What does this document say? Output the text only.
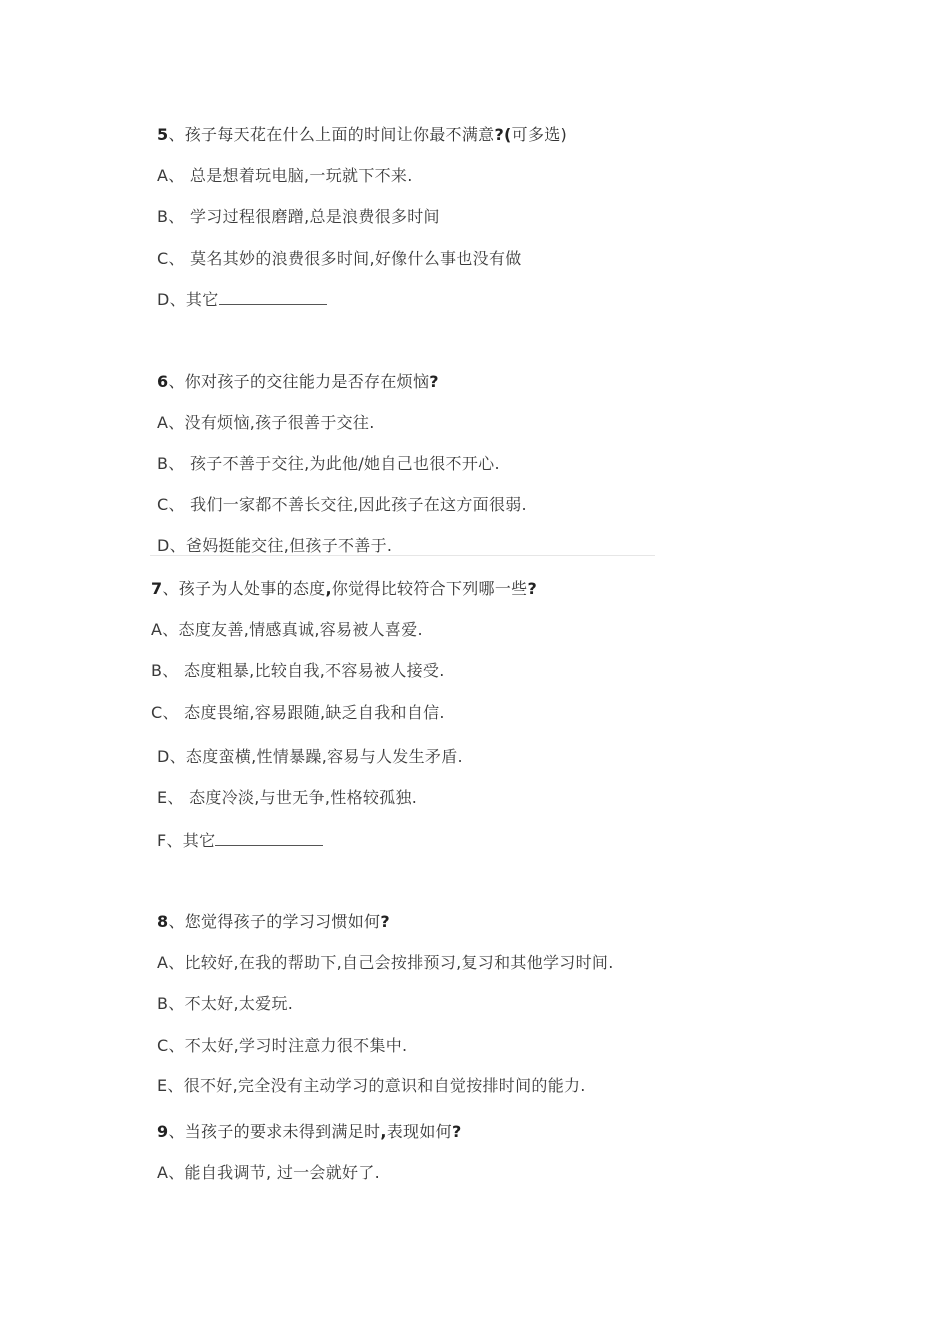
5、孩子每天花在什么上面的时间让你最不满意?(可多选)
A、 总是想着玩电脑,一玩就下不来.
B、 学习过程很磨蹭,总是浪费很多时间
C、 莫名其妙的浪费很多时间,好像什么事也没有做
D、其它
6、你对孩子的交往能力是否存在烦恼?
A、没有烦恼,孩子很善于交往.
B、 孩子不善于交往,为此他/她自己也很不开心.
C、 我们一家都不善长交往,因此孩子在这方面很弱.
D、爸妈挺能交往,但孩子不善于.
7、孩子为人处事的态度,你觉得比较符合下列哪一些?
A、态度友善,情感真诚,容易被人喜爱.
B、 态度粗暴,比较自我,不容易被人接受.
C、 态度畏缩,容易跟随,缺乏自我和自信.
D、态度蛮横,性情暴躁,容易与人发生矛盾.
E、 态度冷淡,与世无争,性格较孤独.
F、其它
8、您觉得孩子的学习习惯如何?
A、比较好,在我的帮助下,自己会按排预习,复习和其他学习时间.
B、不太好,太爱玩.
C、不太好,学习时注意力很不集中.
E、很不好,完全没有主动学习的意识和自觉按排时间的能力.
9、当孩子的要求未得到满足时,表现如何?
A、能自我调节, 过一会就好了.
